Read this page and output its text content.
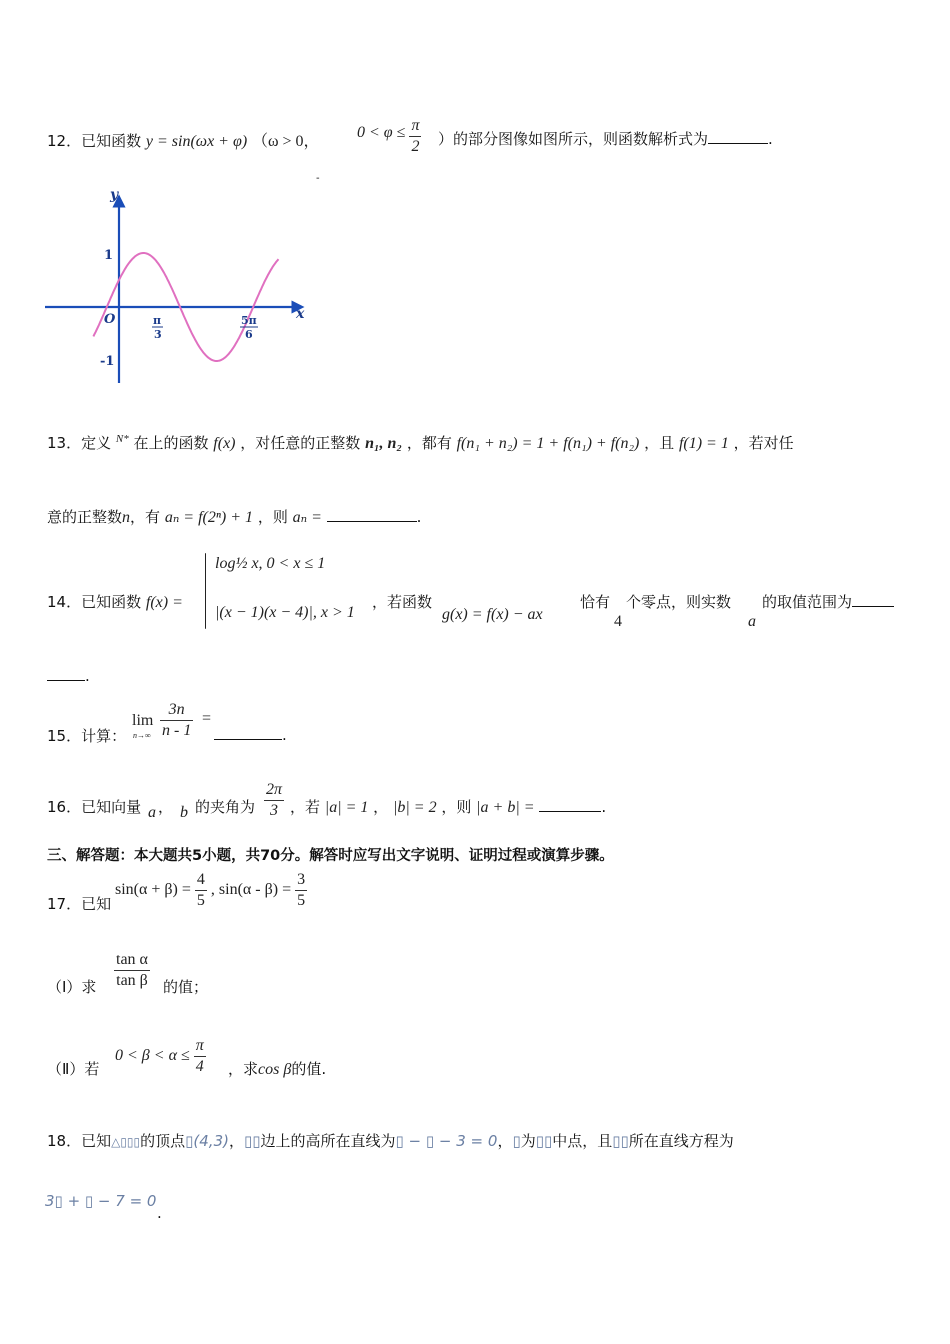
12．已知函数 y = sin(ωx + φ) （ω > 0，
$0 < \varphi \le \frac{\pi}{2}$ ）的部分图像如图所示，则函数解析式为	.
-
y
x
1
-1
O	π
3
5π
6
13．定义 $^{N*}$ 在上的函数 f(x) ，对任意的正整数 n₁, n₂ ，都有 f(n₁ + n₂) = 1 + f(n₁) + f(n₂) ，且 f(1) = 1 ，若对任
意的正整数n，有 aₙ = f(2ⁿ) + 1 ，则 aₙ =	.
14．已知函数 f(x) =
log½ x, 0 < x ≤ 1
|(x − 1)(x − 4)|, x > 1
，若函数
g(x) = f(x) − ax
恰有
4
个零点，则实数
a
的取值范围为
.
15．计算：
lim
$n\to\infty \frac{3n}{n - 1}$ =
.
16．已知向量 a ， b 的夹角为 $\frac{2\pi}{3}$ ，若 |a| = 1 ， |b| = 2 ，则 |a + b| =	.
三、解答题：本大题共5小题，共70分。解答时应写出文字说明、证明过程或演算步骤。
17．已知
$\sin(\alpha + \beta) = \frac{4}{5}$ , $\sin(\alpha - \beta) = \frac{3}{5}$
（Ⅰ）求 $\frac{\text{tan α}}{\text{tan β}}$ 的值；
（Ⅱ）若
$0 < \beta < \alpha \le \frac{\pi}{4}$ ，求cos β的值.
18．已知△▯▯▯的顶点▯(4,3)，▯▯边上的高所在直线为▯ − ▯ − 3 = 0，▯为▯▯中点，且▯▯所在直线方程为
3▯ + ▯ − 7 = 0
.
